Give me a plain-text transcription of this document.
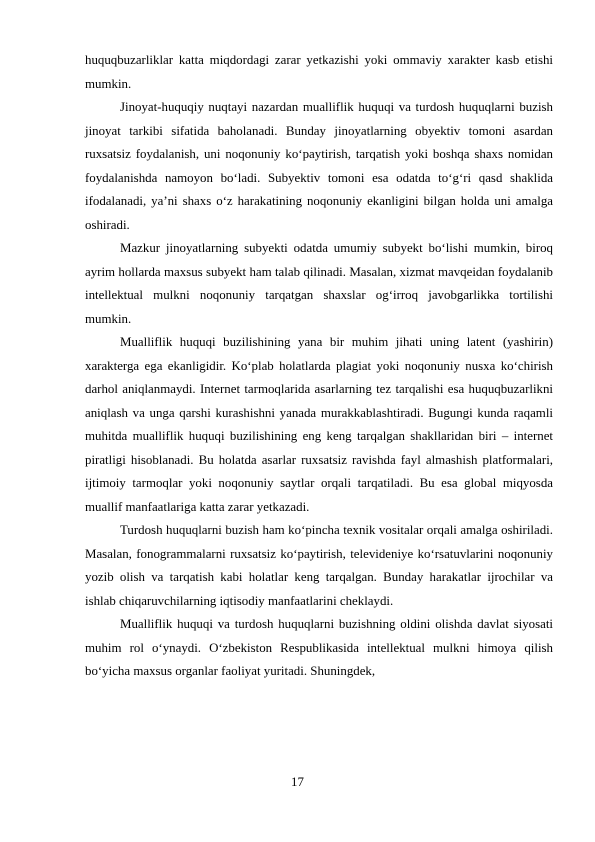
huquqbuzarliklar katta miqdordagi zarar yetkazishi yoki ommaviy xarakter kasb etishi mumkin.

Jinoyat-huquqiy nuqtayi nazardan mualliflik huquqi va turdosh huquqlarni buzish jinoyat tarkibi sifatida baholanadi. Bunday jinoyatlarning obyektiv tomoni asardan ruxsatsiz foydalanish, uni noqonuniy ko‘paytirish, tarqatish yoki boshqa shaxs nomidan foydalanishda namoyon bo‘ladi. Subyektiv tomoni esa odatda to‘g‘ri qasd shaklida ifodalanadi, ya’ni shaxs o‘z harakatining noqonuniy ekanligini bilgan holda uni amalga oshiradi.

Mazkur jinoyatlarning subyekti odatda umumiy subyekt bo‘lishi mumkin, biroq ayrim hollarda maxsus subyekt ham talab qilinadi. Masalan, xizmat mavqeidan foydalanib intellektual mulkni noqonuniy tarqatgan shaxslar og‘irroq javobgarlikka tortilishi mumkin.

Mualliflik huquqi buzilishining yana bir muhim jihati uning latent (yashirin) xarakterga ega ekanligidir. Ko‘plab holatlarda plagiat yoki noqonuniy nusxa ko‘chirish darhol aniqlanmaydi. Internet tarmoqlarida asarlarning tez tarqalishi esa huquqbuzarlikni aniqlash va unga qarshi kurashishni yanada murakkablashtiradi. Bugungi kunda raqamli muhitda mualliflik huquqi buzilishining eng keng tarqalgan shakllaridan biri – internet piratligi hisoblanadi. Bu holatda asarlar ruxsatsiz ravishda fayl almashish platformalari, ijtimoiy tarmoqlar yoki noqonuniy saytlar orqali tarqatiladi. Bu esa global miqyosda muallif manfaatlariga katta zarar yetkazadi.

Turdosh huquqlarni buzish ham ko‘pincha texnik vositalar orqali amalga oshiriladi. Masalan, fonogrammalarni ruxsatsiz ko‘paytirish, televideniye ko‘rsatuvlarini noqonuniy yozib olish va tarqatish kabi holatlar keng tarqalgan. Bunday harakatlar ijrochilar va ishlab chiqaruvchilarning iqtisodiy manfaatlarini cheklaydi.

Mualliflik huquqi va turdosh huquqlarni buzishning oldini olishda davlat siyosati muhim rol o‘ynaydi. O‘zbekiston Respublikasida intellektual mulkni himoya qilish bo‘yicha maxsus organlar faoliyat yuritadi. Shuningdek,

17
